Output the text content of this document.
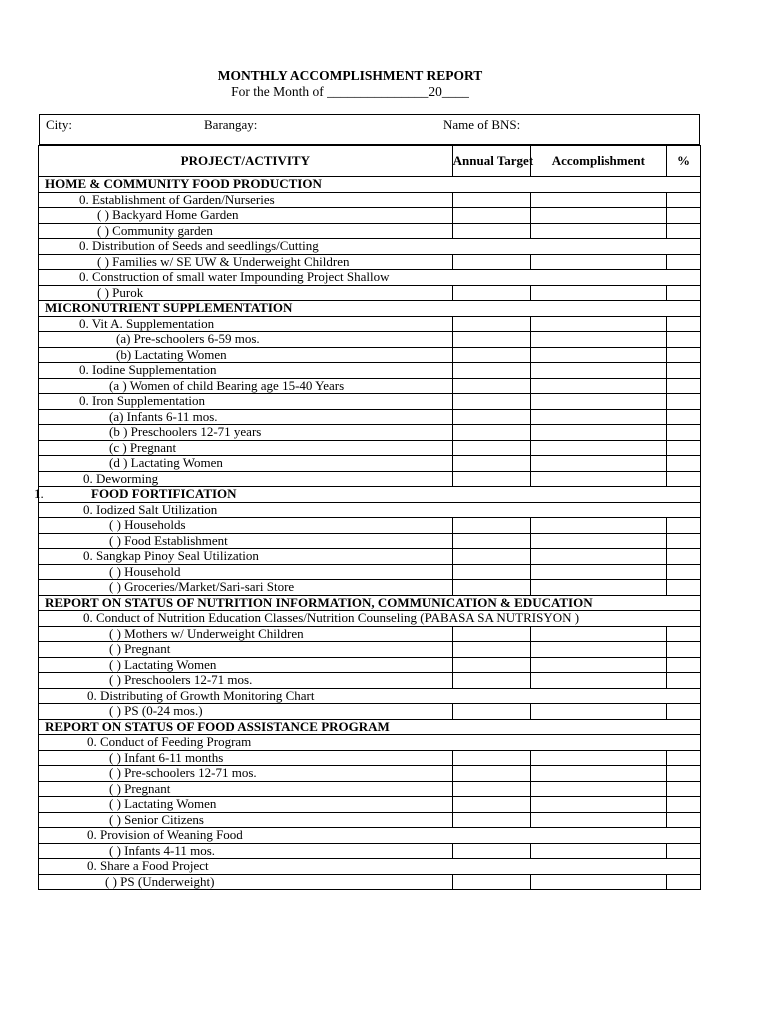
MONTHLY ACCOMPLISHMENT REPORT
For the Month of _______________20____
City:	Barangay:	Name of BNS:
PROJECT/ACTIVITY	Annual Target	Accomplishment	%
HOME & COMMUNITY FOOD PRODUCTION			
0. Establishment of Garden/Nurseries			
( ) Backyard Home Garden			
( ) Community garden			
0. Distribution of Seeds and seedlings/Cutting			
( ) Families w/ SE UW & Underweight Children			
0. Construction of small water Impounding Project Shallow			
( ) Purok			
MICRONUTRIENT SUPPLEMENTATION			
0. Vit A. Supplementation			
(a) Pre-schoolers 6-59 mos.			
(b) Lactating Women			
0. Iodine Supplementation			
(a ) Women of child Bearing age 15-40 Years			
0. Iron Supplementation			
(a) Infants 6-11 mos.			
(b ) Preschoolers 12-71 years			
(c ) Pregnant			
(d ) Lactating Women			
0. Deworming			

1. FOOD FORTIFICATION			
0. Iodized Salt Utilization			
( ) Households			
( ) Food Establishment			
0. Sangkap Pinoy Seal Utilization			
( ) Household			
( ) Groceries/Market/Sari-sari Store			
REPORT ON STATUS OF NUTRITION INFORMATION, COMMUNICATION & EDUCATION			
0. Conduct of Nutrition Education Classes/Nutrition Counseling (PABASA SA NUTRISYON )			
( ) Mothers w/ Underweight Children			
( ) Pregnant			
( ) Lactating Women			
( ) Preschoolers 12-71 mos.			
0. Distributing of Growth Monitoring Chart			
( ) PS (0-24 mos.)			
REPORT ON STATUS OF FOOD ASSISTANCE PROGRAM			
0. Conduct of Feeding Program			
( ) Infant 6-11 months			
( ) Pre-schoolers 12-71 mos.			
( ) Pregnant			
( ) Lactating Women			
( ) Senior Citizens			
0. Provision of Weaning Food			
( ) Infants 4-11 mos.			
0. Share a Food Project			
( ) PS (Underweight)			
